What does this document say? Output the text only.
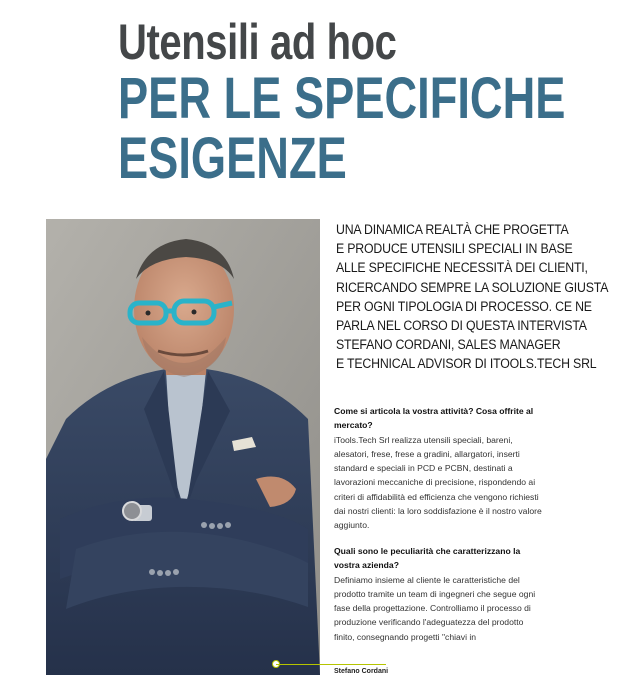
Utensili ad hoc
PER LE SPECIFICHE
ESIGENZE
UNA DINAMICA REALTÀ CHE PROGETTA
E PRODUCE UTENSILI SPECIALI IN BASE
ALLE SPECIFICHE NECESSITÀ DEI CLIENTI,
RICERCANDO SEMPRE LA SOLUZIONE GIUSTA
PER OGNI TIPOLOGIA DI PROCESSO. CE NE
PARLA NEL CORSO DI QUESTA INTERVISTA
STEFANO CORDANI, SALES MANAGER
E TECHNICAL ADVISOR DI ITOOLS.TECH SRL
Come si articola la vostra attività? Cosa offrite al mercato?
iTools.Tech Srl realizza utensili speciali, bareni, alesatori, frese, frese a gradini, allargatori, inserti standard e speciali in PCD e PCBN, destinati a lavorazioni meccaniche di precisione, rispondendo ai criteri di affidabilità ed efficienza che vengono richiesti dai nostri clienti: la loro soddisfazione è il nostro valore aggiunto.
Quali sono le peculiarità che caratterizzano la vostra azienda?
Definiamo insieme al cliente le caratteristiche del prodotto tramite un team di ingegneri che segue ogni fase della progettazione. Controlliamo il processo di produzione verificando l'adeguatezza del prodotto finito, consegnando progetti "chiavi in
Stefano Cordani
